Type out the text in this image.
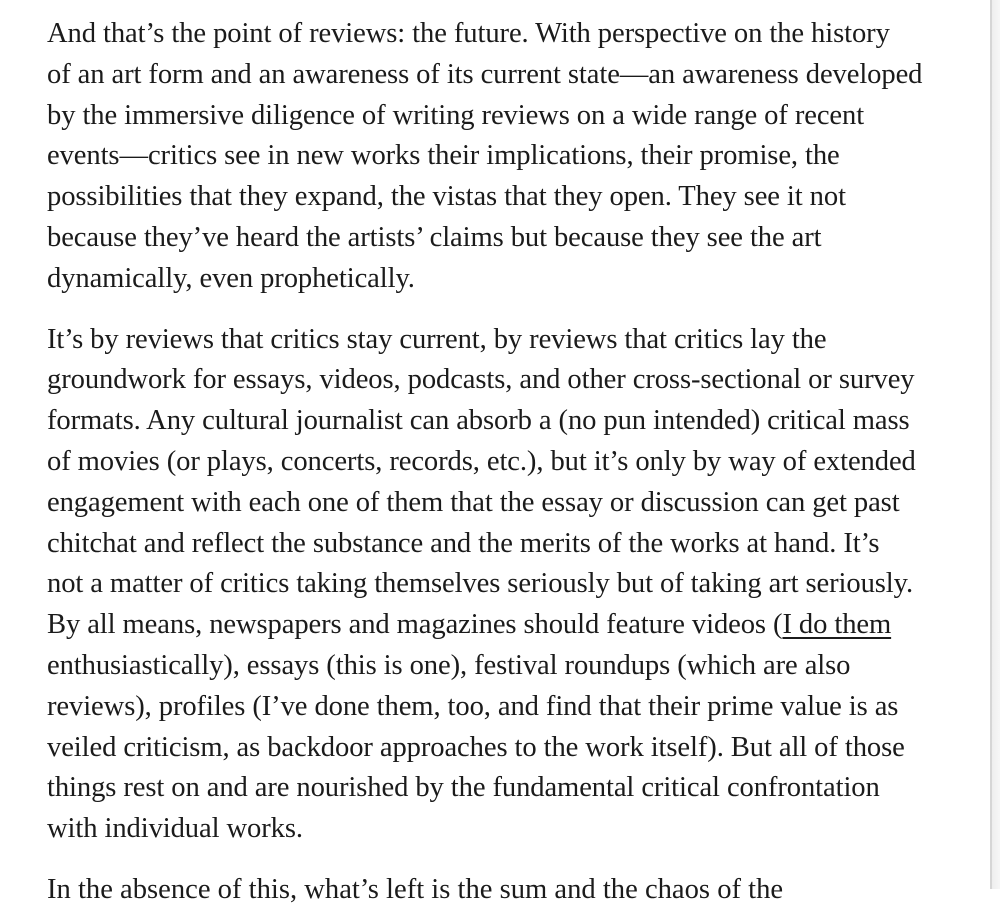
And that’s the point of reviews: the future. With perspective on the history
of an art form and an awareness of its current state—an awareness developed
by the immersive diligence of writing reviews on a wide range of recent
events—critics see in new works their implications, their promise, the
possibilities that they expand, the vistas that they open. They see it not
because they’ve heard the artists’ claims but because they see the art
dynamically, even prophetically.

It’s by reviews that critics stay current, by reviews that critics lay the
groundwork for essays, videos, podcasts, and other cross-sectional or survey
formats. Any cultural journalist can absorb a (no pun intended) critical mass
of movies (or plays, concerts, records, etc.), but it’s only by way of extended
engagement with each one of them that the essay or discussion can get past
chitchat and reflect the substance and the merits of the works at hand. It’s
not a matter of critics taking themselves seriously but of taking art seriously.
By all means, newspapers and magazines should feature videos (I do them
enthusiastically), essays (this is one), festival roundups (which are also
reviews), profiles (I’ve done them, too, and find that their prime value is as
veiled criticism, as backdoor approaches to the work itself). But all of those
things rest on and are nourished by the fundamental critical confrontation
with individual works.

In the absence of this, what’s left is the sum and the chaos of the
